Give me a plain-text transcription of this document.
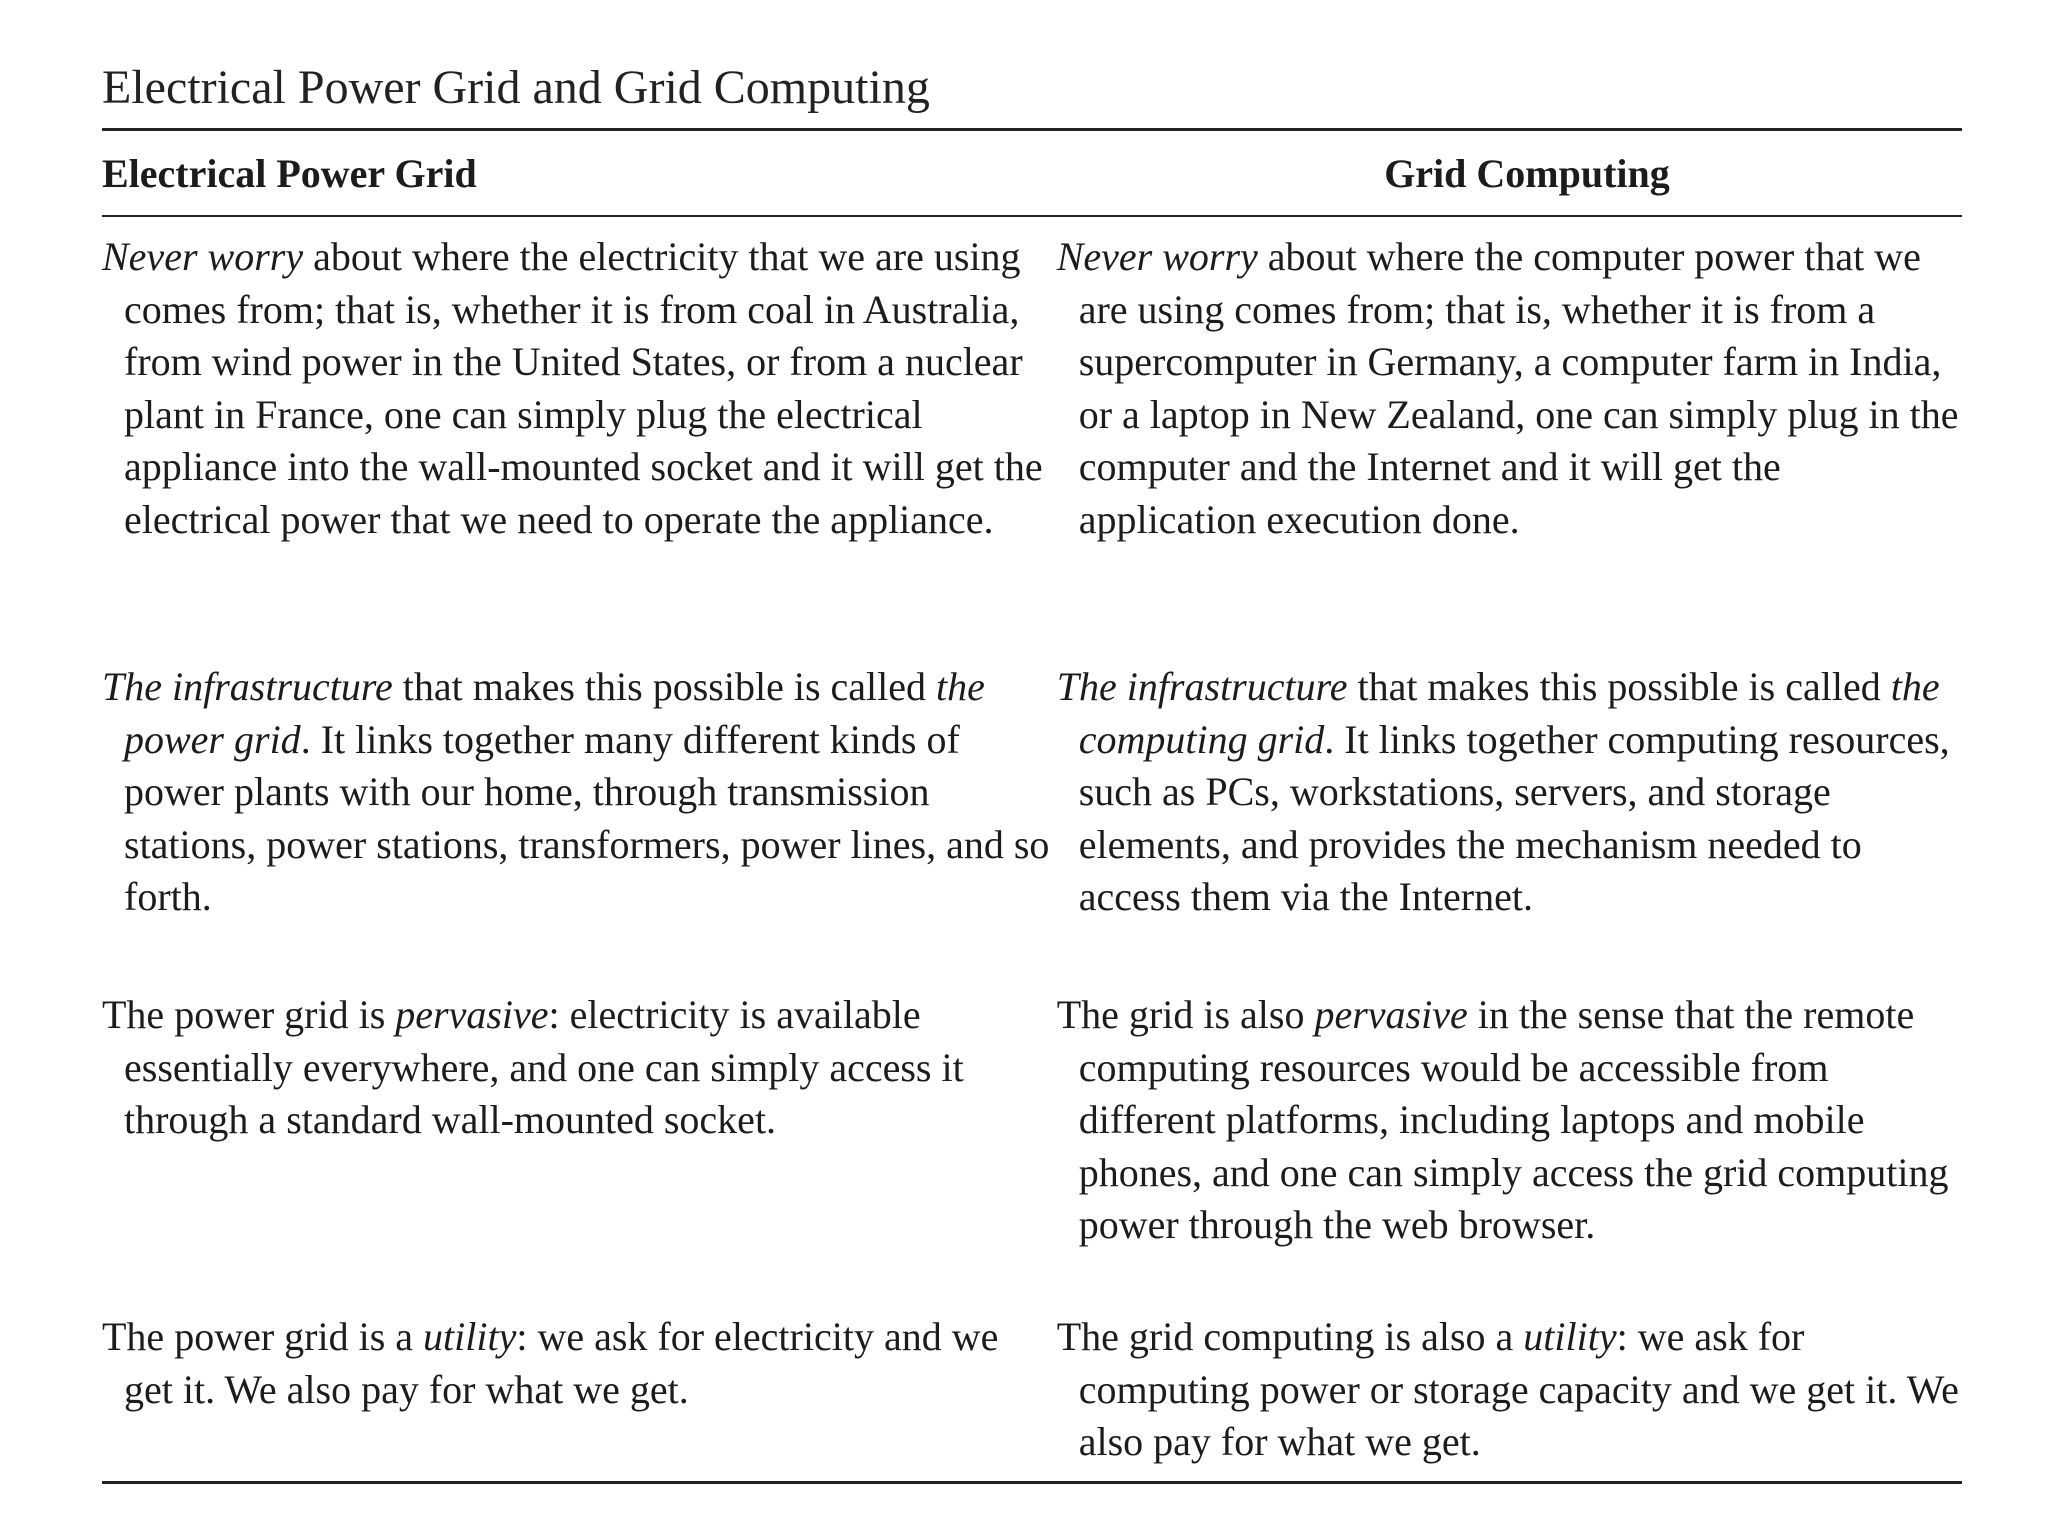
Electrical Power Grid and Grid Computing
Electrical Power Grid	Grid Computing
Never worry about where the electricity that we are using comes from; that is, whether it is from coal in Australia, from wind power in the United States, or from a nuclear plant in France, one can simply plug the electrical appliance into the wall-mounted socket and it will get the electrical power that we need to operate the appliance.
Never worry about where the computer power that we are using comes from; that is, whether it is from a supercomputer in Germany, a computer farm in India, or a laptop in New Zealand, one can simply plug in the computer and the Internet and it will get the application execution done.
The infrastructure that makes this possible is called the power grid. It links together many different kinds of power plants with our home, through transmission stations, power stations, transformers, power lines, and so forth.
The infrastructure that makes this possible is called the computing grid. It links together computing resources, such as PCs, workstations, servers, and storage elements, and provides the mechanism needed to access them via the Internet.
The power grid is pervasive: electricity is available essentially everywhere, and one can simply access it through a standard wall-mounted socket.
The grid is also pervasive in the sense that the remote computing resources would be accessible from different platforms, including laptops and mobile phones, and one can simply access the grid computing power through the web browser.
The power grid is a utility: we ask for electricity and we get it. We also pay for what we get.
The grid computing is also a utility: we ask for computing power or storage capacity and we get it. We also pay for what we get.
